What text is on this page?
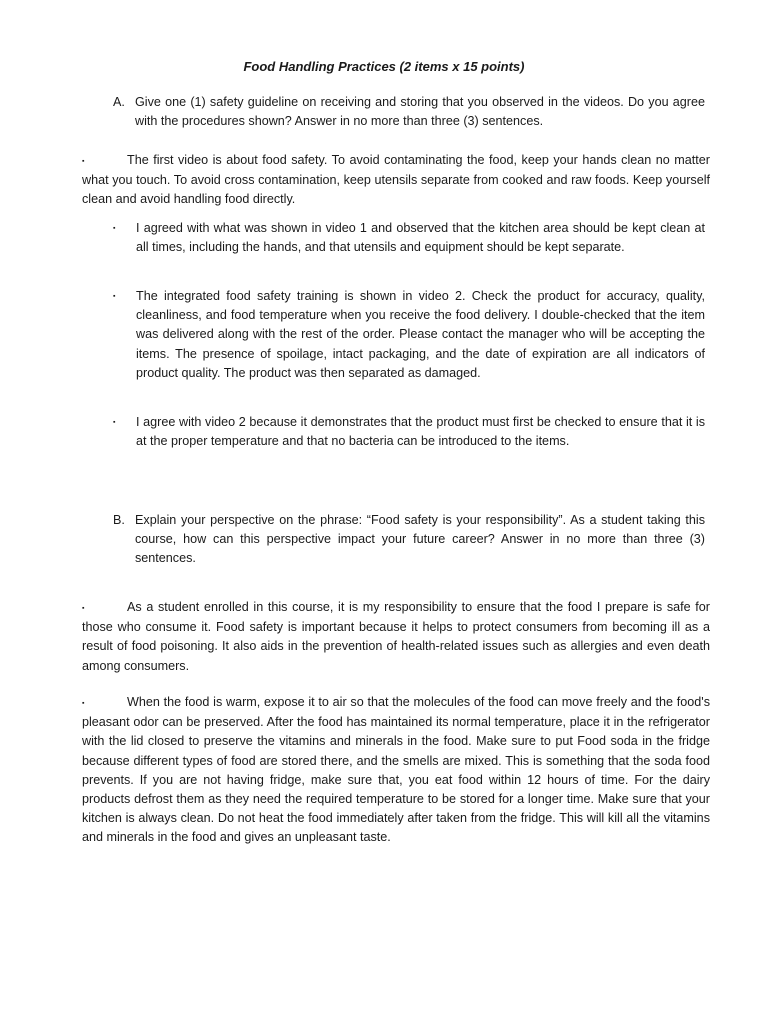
Food Handling Practices (2 items x 15 points)
A. Give one (1) safety guideline on receiving and storing that you observed in the videos. Do you agree with the procedures shown? Answer in no more than three (3) sentences.
▪	The first video is about food safety. To avoid contaminating the food, keep your hands clean no matter what you touch. To avoid cross contamination, keep utensils separate from cooked and raw foods. Keep yourself clean and avoid handling food directly.
▪ I agreed with what was shown in video 1 and observed that the kitchen area should be kept clean at all times, including the hands, and that utensils and equipment should be kept separate.
▪ The integrated food safety training is shown in video 2. Check the product for accuracy, quality, cleanliness, and food temperature when you receive the food delivery. I double-checked that the item was delivered along with the rest of the order. Please contact the manager who will be accepting the items. The presence of spoilage, intact packaging, and the date of expiration are all indicators of product quality. The product was then separated as damaged.
▪ I agree with video 2 because it demonstrates that the product must first be checked to ensure that it is at the proper temperature and that no bacteria can be introduced to the items.
B. Explain your perspective on the phrase: “Food safety is your responsibility”. As a student taking this course, how can this perspective impact your future career? Answer in no more than three (3) sentences.
▪	As a student enrolled in this course, it is my responsibility to ensure that the food I prepare is safe for those who consume it. Food safety is important because it helps to protect consumers from becoming ill as a result of food poisoning. It also aids in the prevention of health-related issues such as allergies and even death among consumers.
▪	When the food is warm, expose it to air so that the molecules of the food can move freely and the food's pleasant odor can be preserved. After the food has maintained its normal temperature, place it in the refrigerator with the lid closed to preserve the vitamins and minerals in the food. Make sure to put Food soda in the fridge because different types of food are stored there, and the smells are mixed. This is something that the soda food prevents. If you are not having fridge, make sure that, you eat food within 12 hours of time. For the dairy products defrost them as they need the required temperature to be stored for a longer time. Make sure that your kitchen is always clean. Do not heat the food immediately after taken from the fridge. This will kill all the vitamins and minerals in the food and gives an unpleasant taste.
